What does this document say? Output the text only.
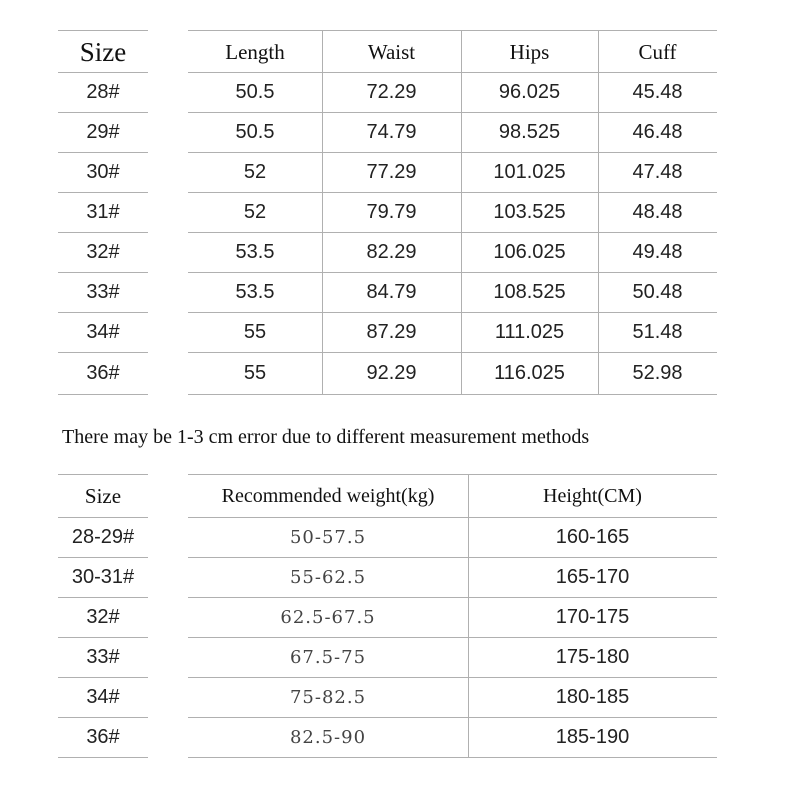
Size	Length	Waist	Hips	Cuff
28#	50.5	72.29	96.025	45.48
29#	50.5	74.79	98.525	46.48
30#	52	77.29	101.025	47.48
31#	52	79.79	103.525	48.48
32#	53.5	82.29	106.025	49.48
33#	53.5	84.79	108.525	50.48
34#	55	87.29	111.025	51.48
36#	55	92.29	116.025	52.98
There may be 1-3 cm error due to different measurement methods
Size	Recommended weight(kg)	Height(CM)
28-29#	50-57.5	160-165
30-31#	55-62.5	165-170
32#	62.5-67.5	170-175
33#	67.5-75	175-180
34#	75-82.5	180-185
36#	82.5-90	185-190
